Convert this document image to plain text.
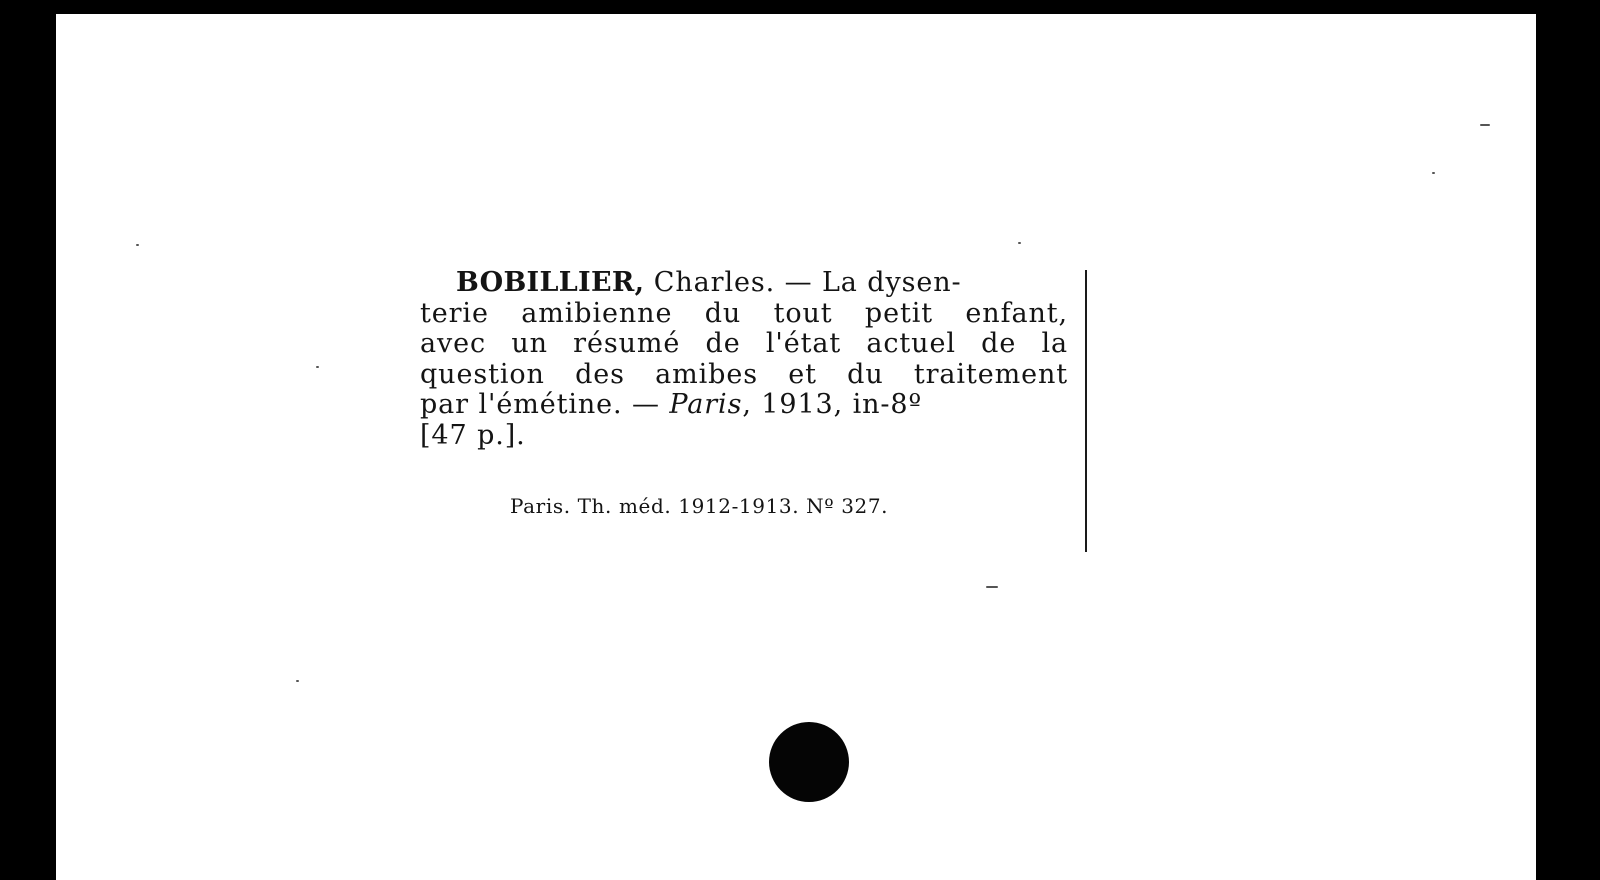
BOBILLIER, Charles. — La dysen-
terie amibienne du tout petit enfant,
avec un résumé de l'état actuel de la
question des amibes et du traitement
par l'émétine. — Paris, 1913, in-8º
[47 p.].
Paris. Th. méd. 1912-1913. Nº 327.
